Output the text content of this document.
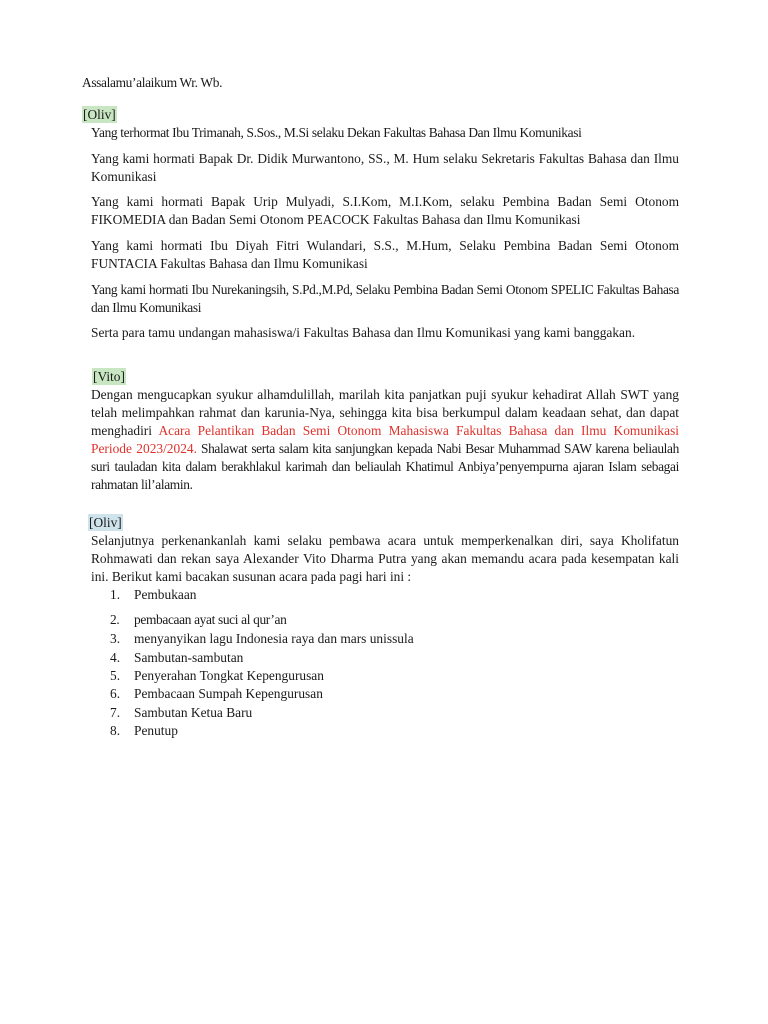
Assalamu’alaikum Wr. Wb.
[Oliv]
Yang terhormat Ibu Trimanah, S.Sos., M.Si selaku Dekan Fakultas Bahasa Dan Ilmu Komunikasi
Yang kami hormati Bapak Dr. Didik Murwantono, SS., M. Hum selaku Sekretaris Fakultas Bahasa dan Ilmu Komunikasi
Yang kami hormati Bapak Urip Mulyadi, S.I.Kom, M.I.Kom, selaku Pembina Badan Semi Otonom FIKOMEDIA dan Badan Semi Otonom PEACOCK Fakultas Bahasa dan Ilmu Komunikasi
Yang kami hormati Ibu Diyah Fitri Wulandari, S.S., M.Hum, Selaku Pembina Badan Semi Otonom FUNTACIA Fakultas Bahasa dan Ilmu Komunikasi
Yang kami hormati Ibu Nurekaningsih, S.Pd.,M.Pd, Selaku Pembina Badan Semi Otonom SPELIC Fakultas Bahasa dan Ilmu Komunikasi
Serta para tamu undangan mahasiswa/i Fakultas Bahasa dan Ilmu Komunikasi yang kami banggakan.
[Vito]
Dengan mengucapkan syukur alhamdulillah, marilah kita panjatkan puji syukur kehadirat Allah SWT yang telah melimpahkan rahmat dan karunia-Nya, sehingga kita bisa berkumpul dalam keadaan sehat, dan dapat menghadiri Acara Pelantikan Badan Semi Otonom Mahasiswa Fakultas Bahasa dan Ilmu Komunikasi Periode 2023/2024. Shalawat serta salam kita sanjungkan kepada Nabi Besar Muhammad SAW karena beliaulah suri tauladan kita dalam berakhlakul karimah dan beliaulah Khatimul Anbiya’penyempurna ajaran Islam sebagai rahmatan lil’alamin.
[Oliv]
Selanjutnya perkenankanlah kami selaku pembawa acara untuk memperkenalkan diri, saya Kholifatun Rohmawati dan rekan saya Alexander Vito Dharma Putra yang akan memandu acara pada kesempatan kali ini. Berikut kami bacakan susunan acara pada pagi hari ini :
1. Pembukaan
2. pembacaan ayat suci al qur’an
3. menyanyikan lagu Indonesia raya dan mars unissula
4. Sambutan-sambutan
5. Penyerahan Tongkat Kepengurusan
6. Pembacaan Sumpah Kepengurusan
7. Sambutan Ketua Baru
8. Penutup
